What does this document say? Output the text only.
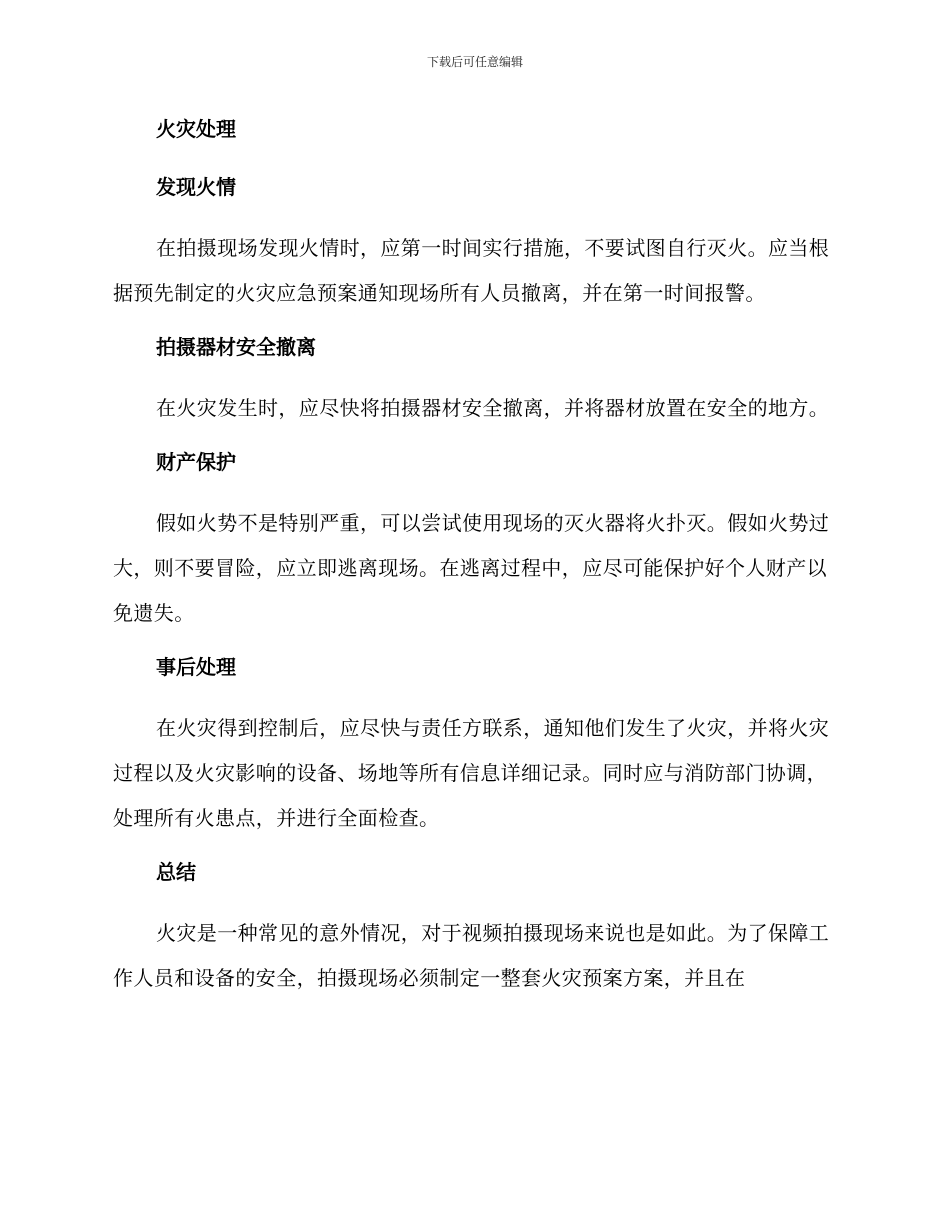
下载后可任意编辑
火灾处理
发现火情

在拍摄现场发现火情时，应第一时间实行措施，不要试图自行灭火。应当根据预先制定的火灾应急预案通知现场所有人员撤离，并在第一时间报警。

拍摄器材安全撤离

在火灾发生时，应尽快将拍摄器材安全撤离，并将器材放置在安全的地方。

财产保护

假如火势不是特别严重，可以尝试使用现场的灭火器将火扑灭。假如火势过大，则不要冒险，应立即逃离现场。在逃离过程中，应尽可能保护好个人财产以免遗失。

事后处理

在火灾得到控制后，应尽快与责任方联系，通知他们发生了火灾，并将火灾过程以及火灾影响的设备、场地等所有信息详细记录。同时应与消防部门协调，处理所有火患点，并进行全面检查。

总结

火灾是一种常见的意外情况，对于视频拍摄现场来说也是如此。为了保障工作人员和设备的安全，拍摄现场必须制定一整套火灾预案方案，并且在
